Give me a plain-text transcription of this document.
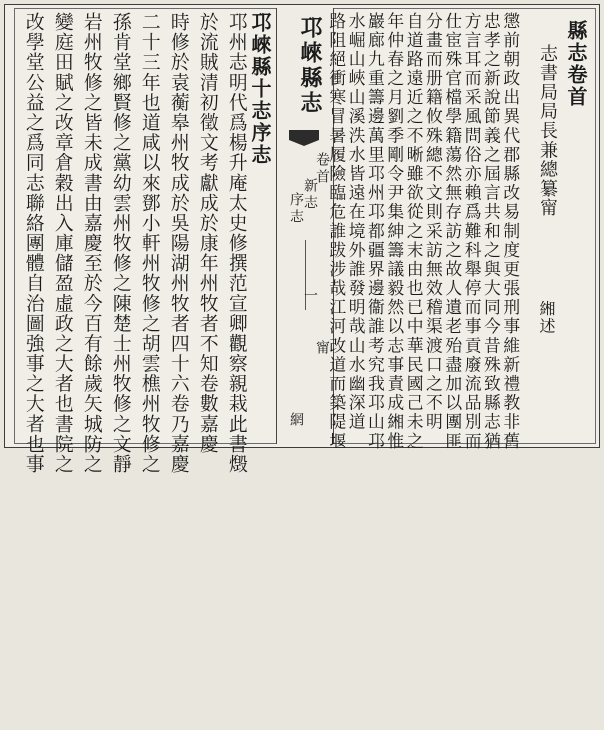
邛崍縣十志序志
邛州志明代爲楊升庵太史修撰范宣卿觀察親栽此書燬
於流賊清初徵文考獻成於康年州牧者不知卷數嘉慶
時修於袁蘅皋州牧成於吳陽湖州牧者四十六卷乃嘉慶
二十三年也道咸以來鄧小軒州牧修之胡雲樵州牧修之
孫肯堂鄉賢修之黨幼雲州牧修之陳楚士州牧修之文靜
岩州牧修之皆未成書由嘉慶至於今百有餘歲矢城防之
變庭田賦之改章倉穀出入庫儲盈虛政之大者也書院之
改學堂公益之爲同志聯絡團體自治圖強事之大者也事	邛崍縣志
卷首
新志
序志
一
甯
網
縣志卷首
志書局局長兼總纂甯
緗述
懲前朝政出異代郡縣改易制度更張刑事維新禮教非舊
忠孝之新說節義之屆言共和之與大同今昔殊致縣志猶
方言耳而采風問俗亦賴爲難科舉停而事貢廢流品別而
仕宦殊官檔學籍蕩然無存訪之故人遺老殆盡加以團匪
分畫而册籍攸殊總不文則采訪無效稽渠渡口之不明
自道路遠近之不晰雖欲從之末由也已中華民國己未之
年仲春之月劉季剛令尹集紳籌議毅然以志事責成緗惟
巖廊九重籌邊萬里邛州邛都疆界邊衞誰考究我邛山邛
水崛山峽山溪泆水皆遠在境外誰發明哉山水幽深道
路阻絕衝寒冒暑履險臨危誰跋涉哉江河改道而築隄堰
